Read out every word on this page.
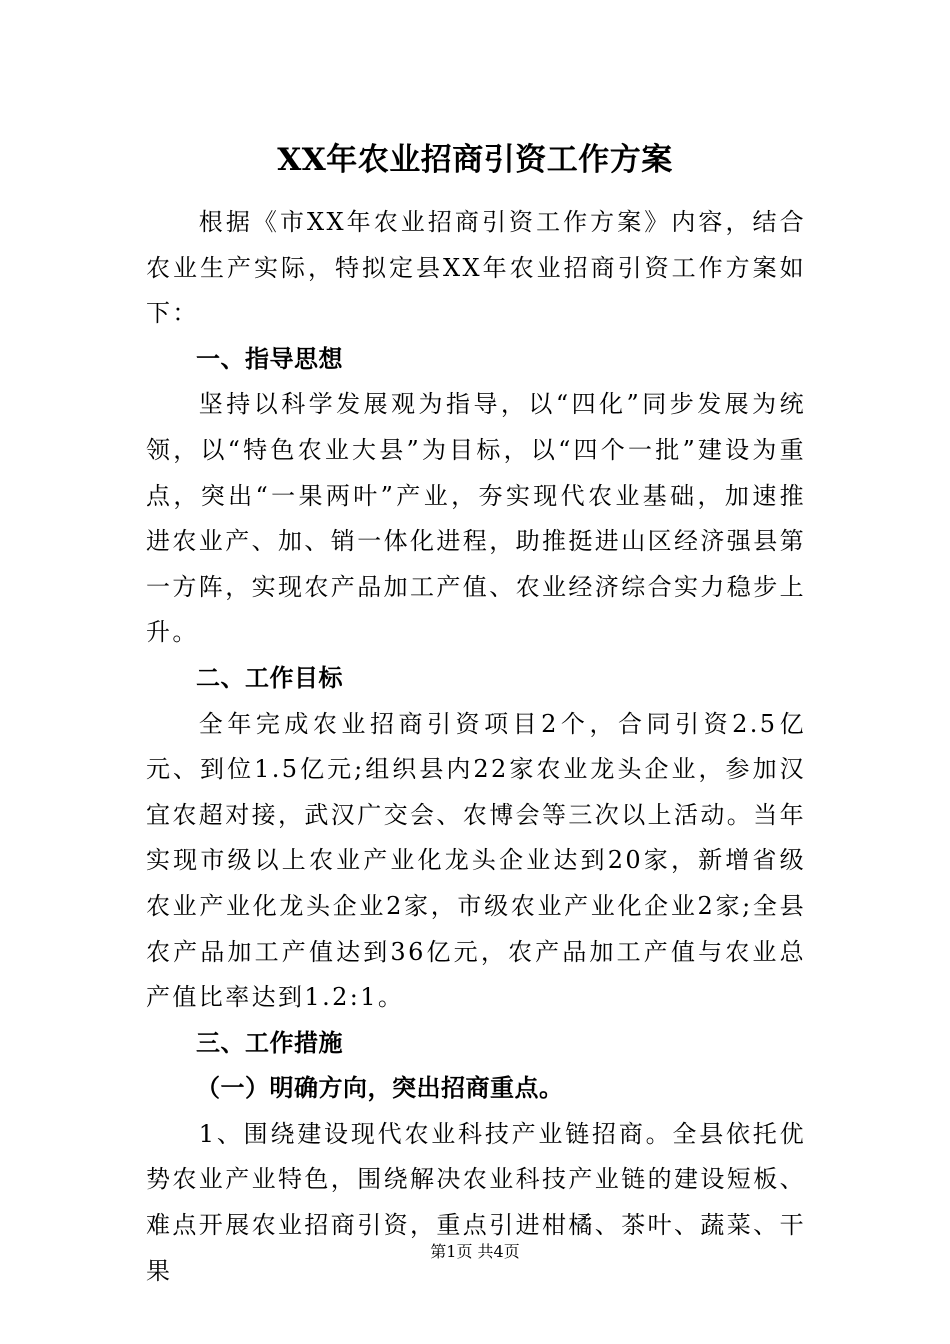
XX年农业招商引资工作方案

根据《市XX年农业招商引资工作方案》内容，结合农业生产实际，特拟定县XX年农业招商引资工作方案如下：

一、指导思想

坚持以科学发展观为指导，以“四化”同步发展为统领，以“特色农业大县”为目标，以“四个一批”建设为重点，突出“一果两叶”产业，夯实现代农业基础，加速推进农业产、加、销一体化进程，助推挺进山区经济强县第一方阵，实现农产品加工产值、农业经济综合实力稳步上升。

二、工作目标

全年完成农业招商引资项目2个，合同引资2.5亿元、到位1.5亿元;组织县内22家农业龙头企业，参加汉宜农超对接，武汉广交会、农博会等三次以上活动。当年实现市级以上农业产业化龙头企业达到20家，新增省级农业产业化龙头企业2家，市级农业产业化企业2家;全县农产品加工产值达到36亿元，农产品加工产值与农业总产值比率达到1.2:1。

三、工作措施
（一）明确方向，突出招商重点。

1、围绕建设现代农业科技产业链招商。全县依托优势农业产业特色，围绕解决农业科技产业链的建设短板、难点开展农业招商引资，重点引进柑橘、茶叶、蔬菜、干果

第1页 共4页
